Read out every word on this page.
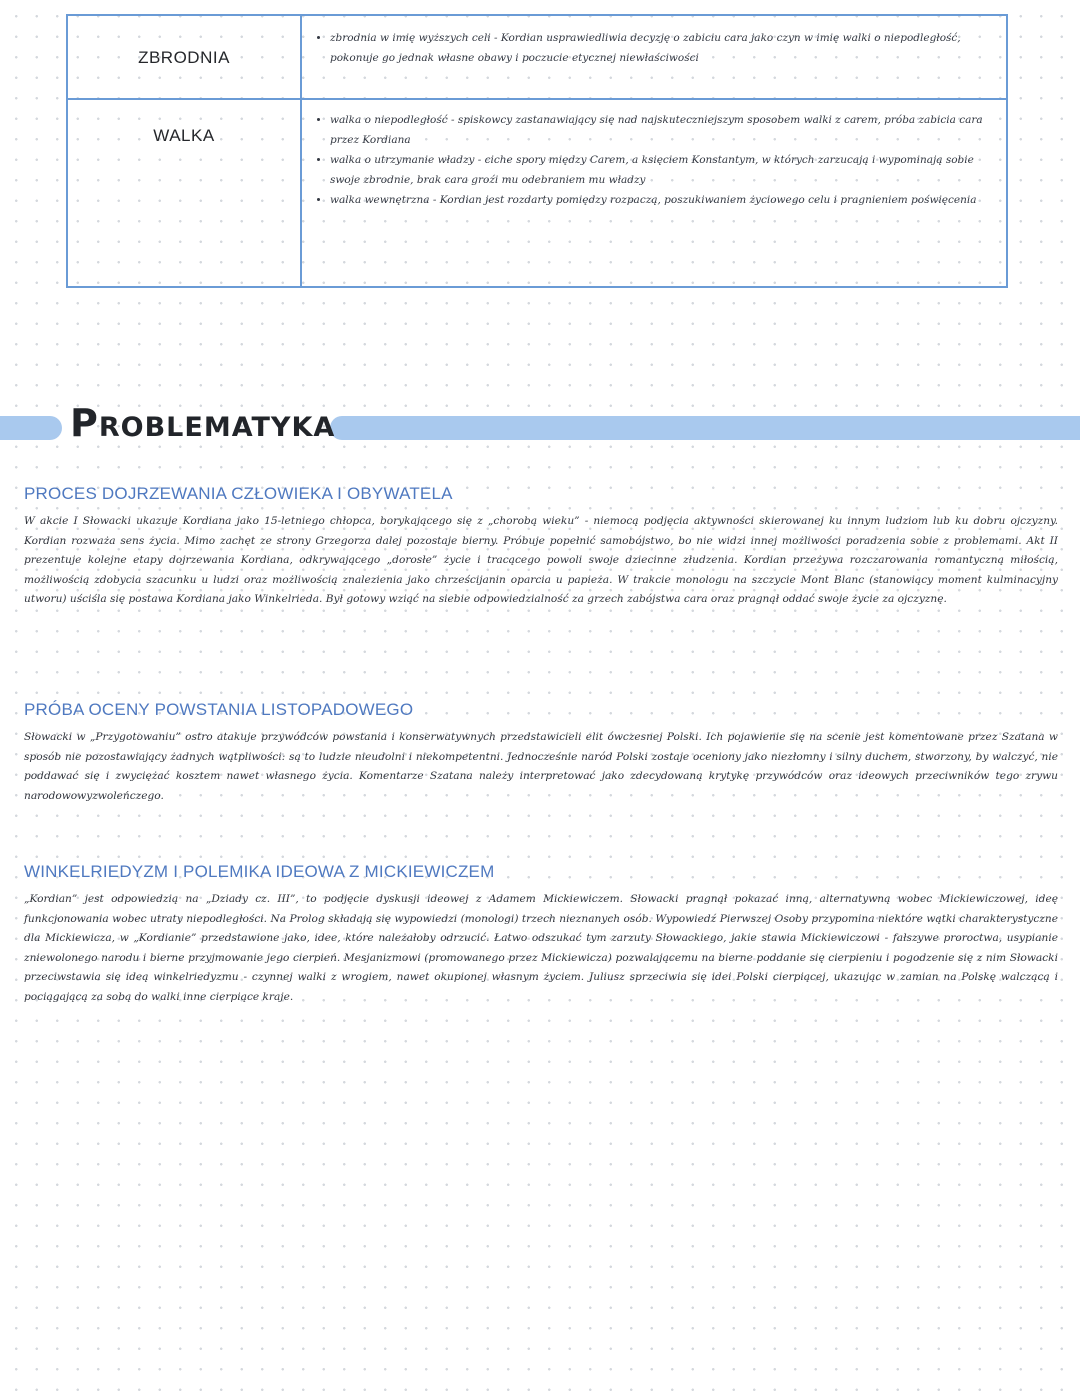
ZBRODNIA
• zbrodnia w imię wyższych celi - Kordian usprawiedliwia decyzję o zabiciu cara jako czyn w imię walki o niepodległość, pokonuje go jednak własne obawy i poczucie etycznej niewłaściwości
WALKA
• walka o niepodległość - spiskowcy zastanawiający się nad najskuteczniejszym sposobem walki z carem, próba zabicia cara przez Kordiana
• walka o utrzymanie władzy - ciche spory między Carem, a księciem Konstantym, w których zarzucają i wypominają sobie swoje zbrodnie, brak cara groźi mu odebraniem mu władzy
• walka wewnętrzna - Kordian jest rozdarty pomiędzy rozpaczą, poszukiwaniem życiowego celu i pragnieniem poświęcenia
Problematyka
PROCES DOJRZEWANIA CZŁOWIEKA I OBYWATELA

W akcie I Słowacki ukazuje Kordiana jako 15-letniego chłopca, borykającego się z „chorobą wieku” - niemocą podjęcia aktywności skierowanej ku innym ludziom lub ku dobru ojczyzny. Kordian rozważa sens życia. Mimo zachęt ze strony Grzegorza dalej pozostaje bierny. Próbuje popełnić samobójstwo, bo nie widzi innej możliwości poradzenia sobie z problemami. Akt II prezentuje kolejne etapy dojrzewania Kordiana, odkrywającego „dorosłe” życie i tracącego powoli swoje dziecinne złudzenia. Kordian przeżywa rozczarowania romantyczną miłością, możliwością zdobycia szacunku u ludzi oraz możliwością znalezienia jako chrześcijanin oparcia u papieża. W trakcie monologu na szczycie Mont Blanc (stanowiący moment kulminacyjny utworu) uściśla się postawa Kordiana jako Winkelrieda. Był gotowy wziąć na siebie odpowiedzialność za grzech zabójstwa cara oraz pragnął oddać swoje życie za ojczyznę.

PRÓBA OCENY POWSTANIA LISTOPADOWEGO

Słowacki w „Przygotowaniu” ostro atakuje przywódców powstania i konserwatywnych przedstawicieli elit ówczesnej Polski. Ich pojawienie się na scenie jest komentowane przez Szatana w sposób nie pozostawiający żadnych wątpliwości: są to ludzie nieudolni i niekompetentni. Jednocześnie naród Polski zostaje oceniony jako niezłomny i silny duchem, stworzony, by walczyć, nie poddawać się i zwyciężać kosztem nawet własnego życia. Komentarze Szatana należy interpretować jako zdecydowaną krytykę przywódców oraz ideowych przeciwników tego zrywu narodowowyzwoleńczego.

WINKELRIEDYZM I POLEMIKA IDEOWA Z MICKIEWICZEM

„Kordian” jest odpowiedzią na „Dziady cz. III”, to podjęcie dyskusji ideowej z Adamem Mickiewiczem. Słowacki pragnął pokazać inną, alternatywną wobec Mickiewiczowej, ideę funkcjonowania wobec utraty niepodległości. Na Prolog składają się wypowiedzi (monologi) trzech nieznanych osób. Wypowiedź Pierwszej Osoby przypomina niektóre wątki charakterystyczne dla Mickiewicza, w „Kordianie” przedstawione jako, idee, które należałoby odrzucić. Łatwo odszukać tym zarzuty Słowackiego, jakie stawia Mickiewiczowi - fałszywe proroctwa, usypianie zniewolonego narodu i bierne przyjmowanie jego cierpień. Mesjanizmowi (promowanego przez Mickiewicza) pozwalającemu na bierne poddanie się cierpieniu i pogodzenie się z nim Słowacki przeciwstawia się ideą winkelriedyzmu - czynnej walki z wrogiem, nawet okupionej własnym życiem. Juliusz sprzeciwia się idei Polski cierpiącej, ukazując w zamian na Polskę walczącą i pociągającą za sobą do walki inne cierpiące kraje.
